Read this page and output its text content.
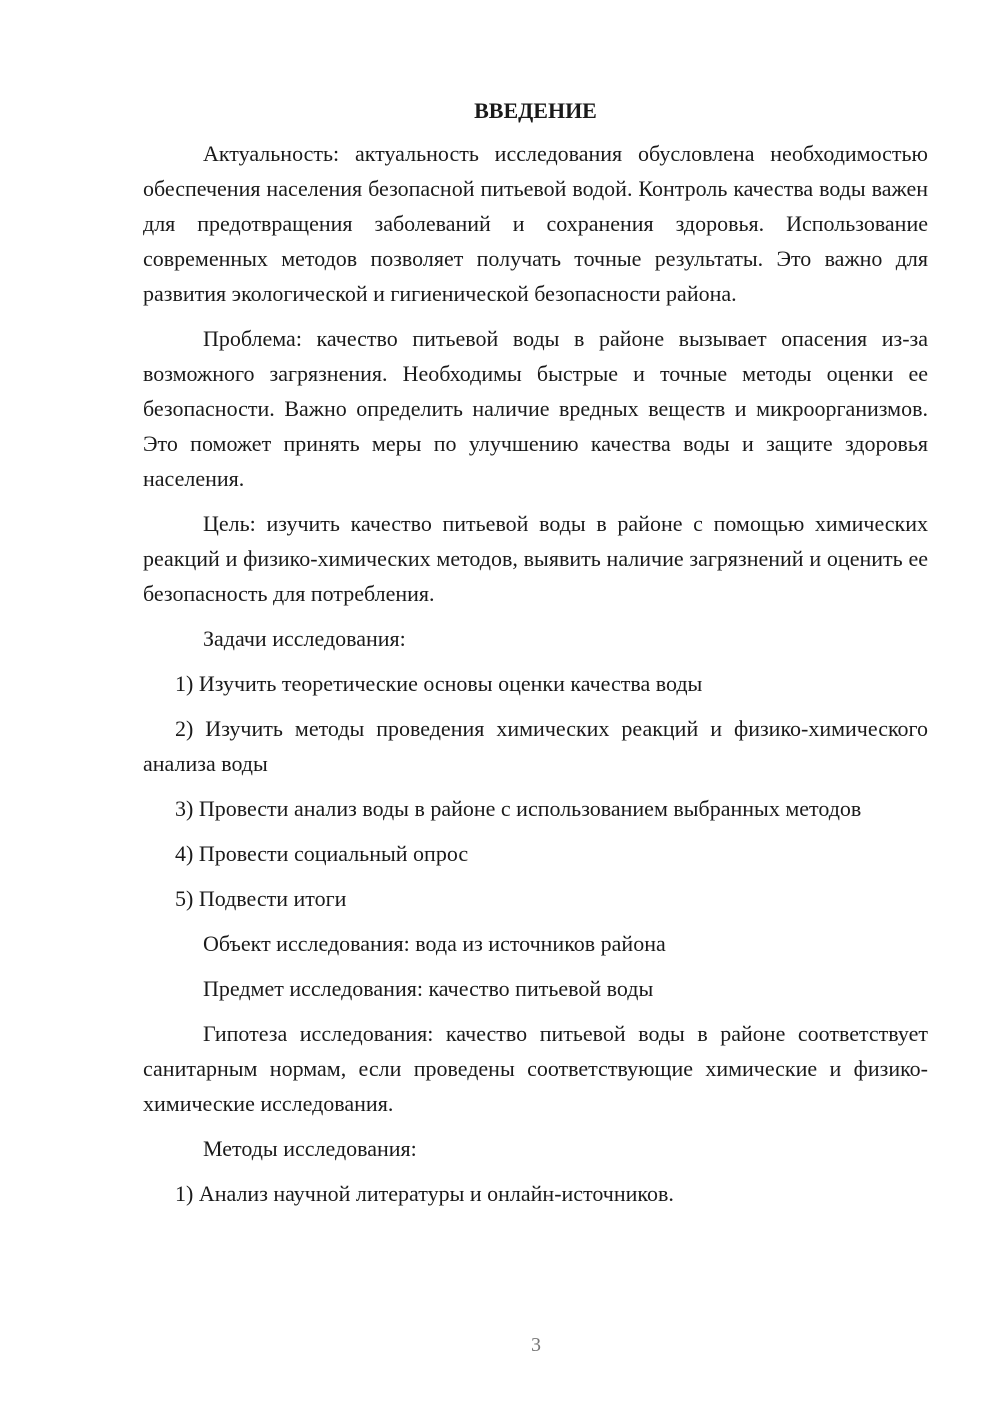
ВВЕДЕНИЕ

Актуальность: актуальность исследования обусловлена необходимостью обеспечения населения безопасной питьевой водой. Контроль качества воды важен для предотвращения заболеваний и сохранения здоровья. Использование современных методов позволяет получать точные результаты. Это важно для развития экологической и гигиенической безопасности района.

Проблема: качество питьевой воды в районе вызывает опасения из-за возможного загрязнения. Необходимы быстрые и точные методы оценки ее безопасности. Важно определить наличие вредных веществ и микроорганизмов. Это поможет принять меры по улучшению качества воды и защите здоровья населения.

Цель: изучить качество питьевой воды в районе с помощью химических реакций и физико-химических методов, выявить наличие загрязнений и оценить ее безопасность для потребления.

Задачи исследования:

1) Изучить теоретические основы оценки качества воды

2) Изучить методы проведения химических реакций и физико-химического анализа воды

3) Провести анализ воды в районе с использованием выбранных методов

4) Провести социальный опрос

5) Подвести итоги

Объект исследования: вода из источников района

Предмет исследования: качество питьевой воды

Гипотеза исследования: качество питьевой воды в районе соответствует санитарным нормам, если проведены соответствующие химические и физико-химические исследования.

Методы исследования:

1) Анализ научной литературы и онлайн-источников.

3
